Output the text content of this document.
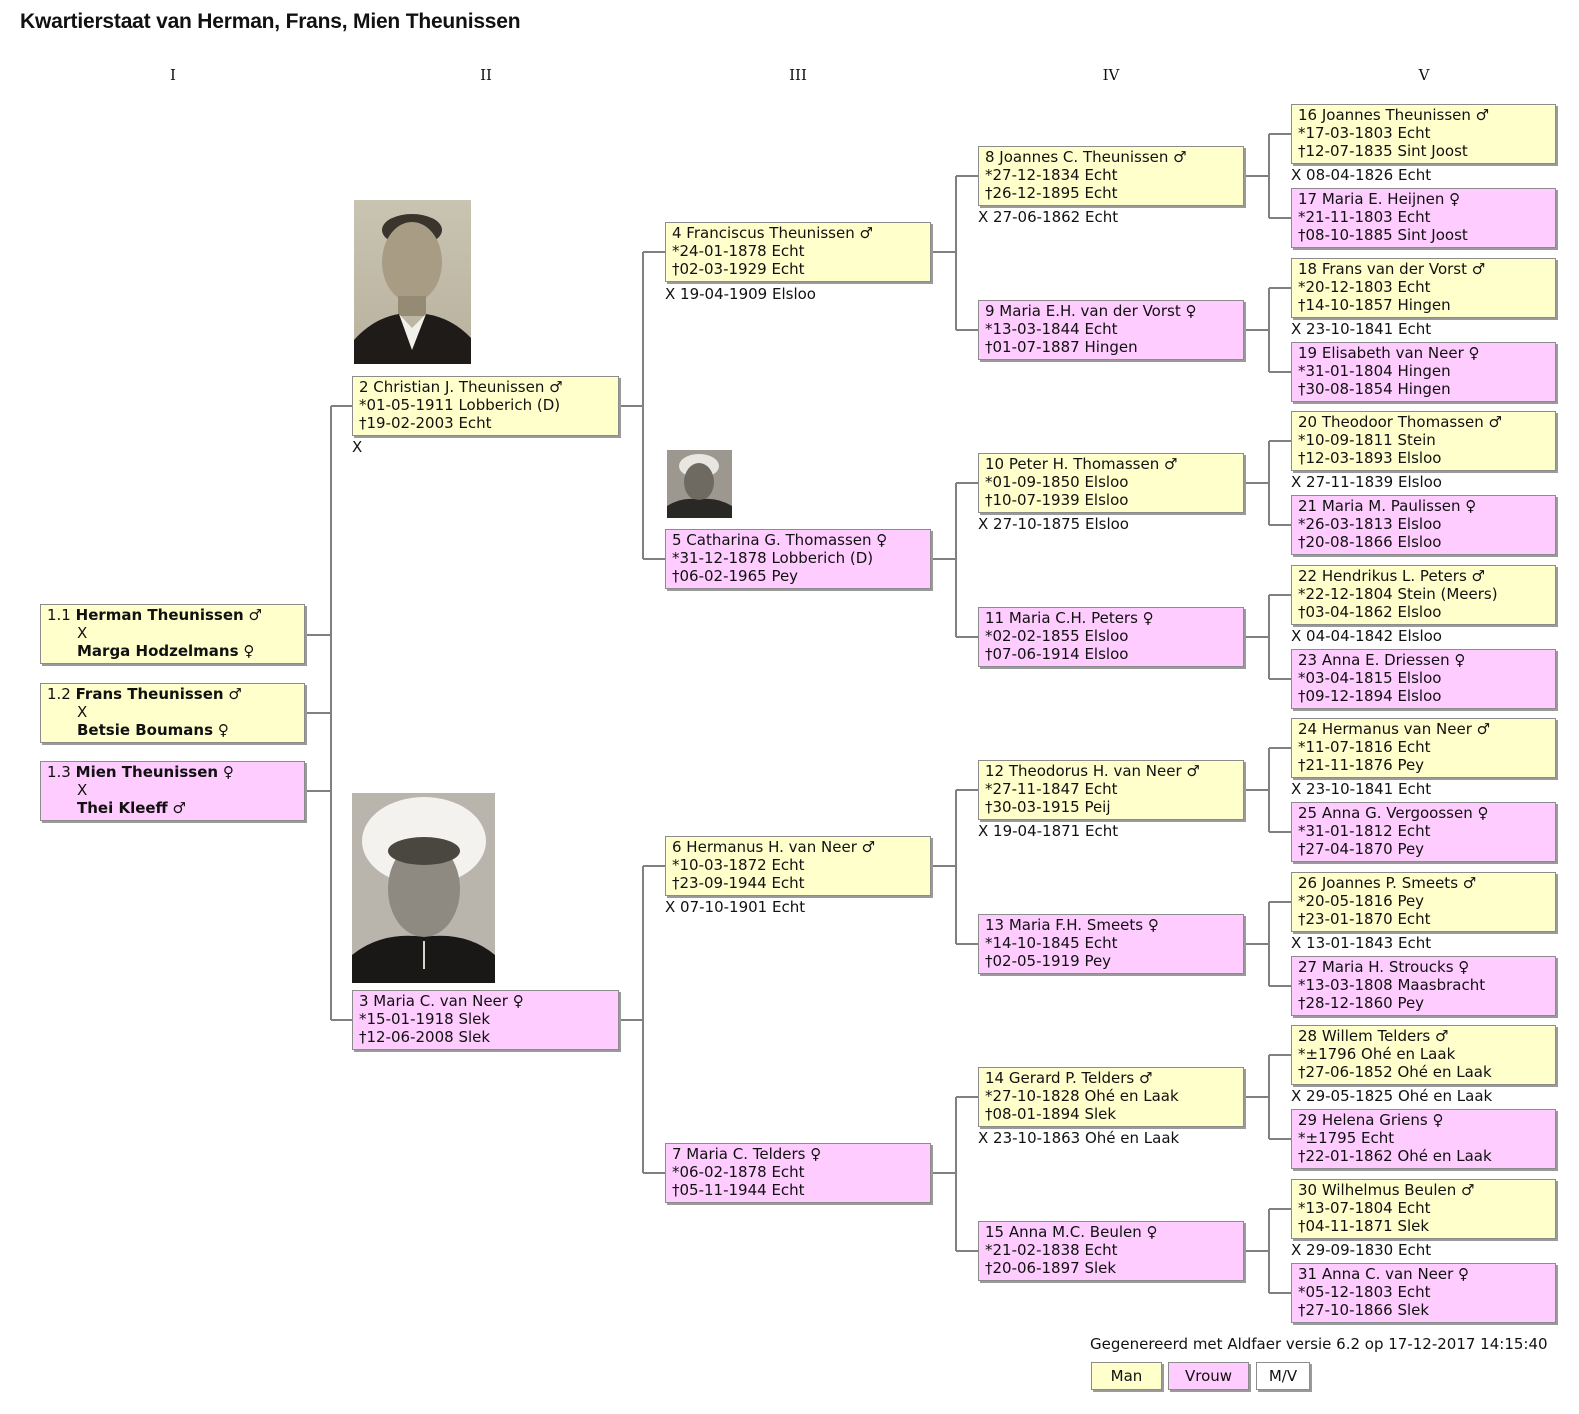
Kwartierstaat van Herman, Frans, Mien Theunissen
I	II	III	IV	V
1.1 Herman Theunissen ♂
X
Marga Hodzelmans ♀
1.2 Frans Theunissen ♂
X
Betsie Boumans ♀
1.3 Mien Theunissen ♀
X
Thei Kleeff ♂
2 Christian J. Theunissen ♂
*01-05-1911 Lobberich (D)
†19-02-2003 Echt
X
3 Maria C. van Neer ♀
*15-01-1918 Slek
†12-06-2008 Slek
4 Franciscus Theunissen ♂
*24-01-1878 Echt
†02-03-1929 Echt
X 19-04-1909 Elsloo
5 Catharina G. Thomassen ♀
*31-12-1878 Lobberich (D)
†06-02-1965 Pey
6 Hermanus H. van Neer ♂
*10-03-1872 Echt
†23-09-1944 Echt
X 07-10-1901 Echt
7 Maria C. Telders ♀
*06-02-1878 Echt
†05-11-1944 Echt
8 Joannes C. Theunissen ♂
*27-12-1834 Echt
†26-12-1895 Echt
X 27-06-1862 Echt
9 Maria E.H. van der Vorst ♀
*13-03-1844 Echt
†01-07-1887 Hingen
10 Peter H. Thomassen ♂
*01-09-1850 Elsloo
†10-07-1939 Elsloo
X 27-10-1875 Elsloo
11 Maria C.H. Peters ♀
*02-02-1855 Elsloo
†07-06-1914 Elsloo
12 Theodorus H. van Neer ♂
*27-11-1847 Echt
†30-03-1915 Peij
X 19-04-1871 Echt
13 Maria F.H. Smeets ♀
*14-10-1845 Echt
†02-05-1919 Pey
14 Gerard P. Telders ♂
*27-10-1828 Ohé en Laak
†08-01-1894 Slek
X 23-10-1863 Ohé en Laak
15 Anna M.C. Beulen ♀
*21-02-1838 Echt
†20-06-1897 Slek
16 Joannes Theunissen ♂
*17-03-1803 Echt
†12-07-1835 Sint Joost
X 08-04-1826 Echt
17 Maria E. Heijnen ♀
*21-11-1803 Echt
†08-10-1885 Sint Joost
18 Frans van der Vorst ♂
*20-12-1803 Echt
†14-10-1857 Hingen
X 23-10-1841 Echt
19 Elisabeth van Neer ♀
*31-01-1804 Hingen
†30-08-1854 Hingen
20 Theodoor Thomassen ♂
*10-09-1811 Stein
†12-03-1893 Elsloo
X 27-11-1839 Elsloo
21 Maria M. Paulissen ♀
*26-03-1813 Elsloo
†20-08-1866 Elsloo
22 Hendrikus L. Peters ♂
*22-12-1804 Stein (Meers)
†03-04-1862 Elsloo
X 04-04-1842 Elsloo
23 Anna E. Driessen ♀
*03-04-1815 Elsloo
†09-12-1894 Elsloo
24 Hermanus van Neer ♂
*11-07-1816 Echt
†21-11-1876 Pey
X 23-10-1841 Echt
25 Anna G. Vergoossen ♀
*31-01-1812 Echt
†27-04-1870 Pey
26 Joannes P. Smeets ♂
*20-05-1816 Pey
†23-01-1870 Echt
X 13-01-1843 Echt
27 Maria H. Stroucks ♀
*13-03-1808 Maasbracht
†28-12-1860 Pey
28 Willem Telders ♂
*±1796 Ohé en Laak
†27-06-1852 Ohé en Laak
X 29-05-1825 Ohé en Laak
29 Helena Griens ♀
*±1795 Echt
†22-01-1862 Ohé en Laak
30 Wilhelmus Beulen ♂
*13-07-1804 Echt
†04-11-1871 Slek
X 29-09-1830 Echt
31 Anna C. van Neer ♀
*05-12-1803 Echt
†27-10-1866 Slek
Gegenereerd met Aldfaer versie 6.2 op 17-12-2017 14:15:40
Man	Vrouw	M/V
